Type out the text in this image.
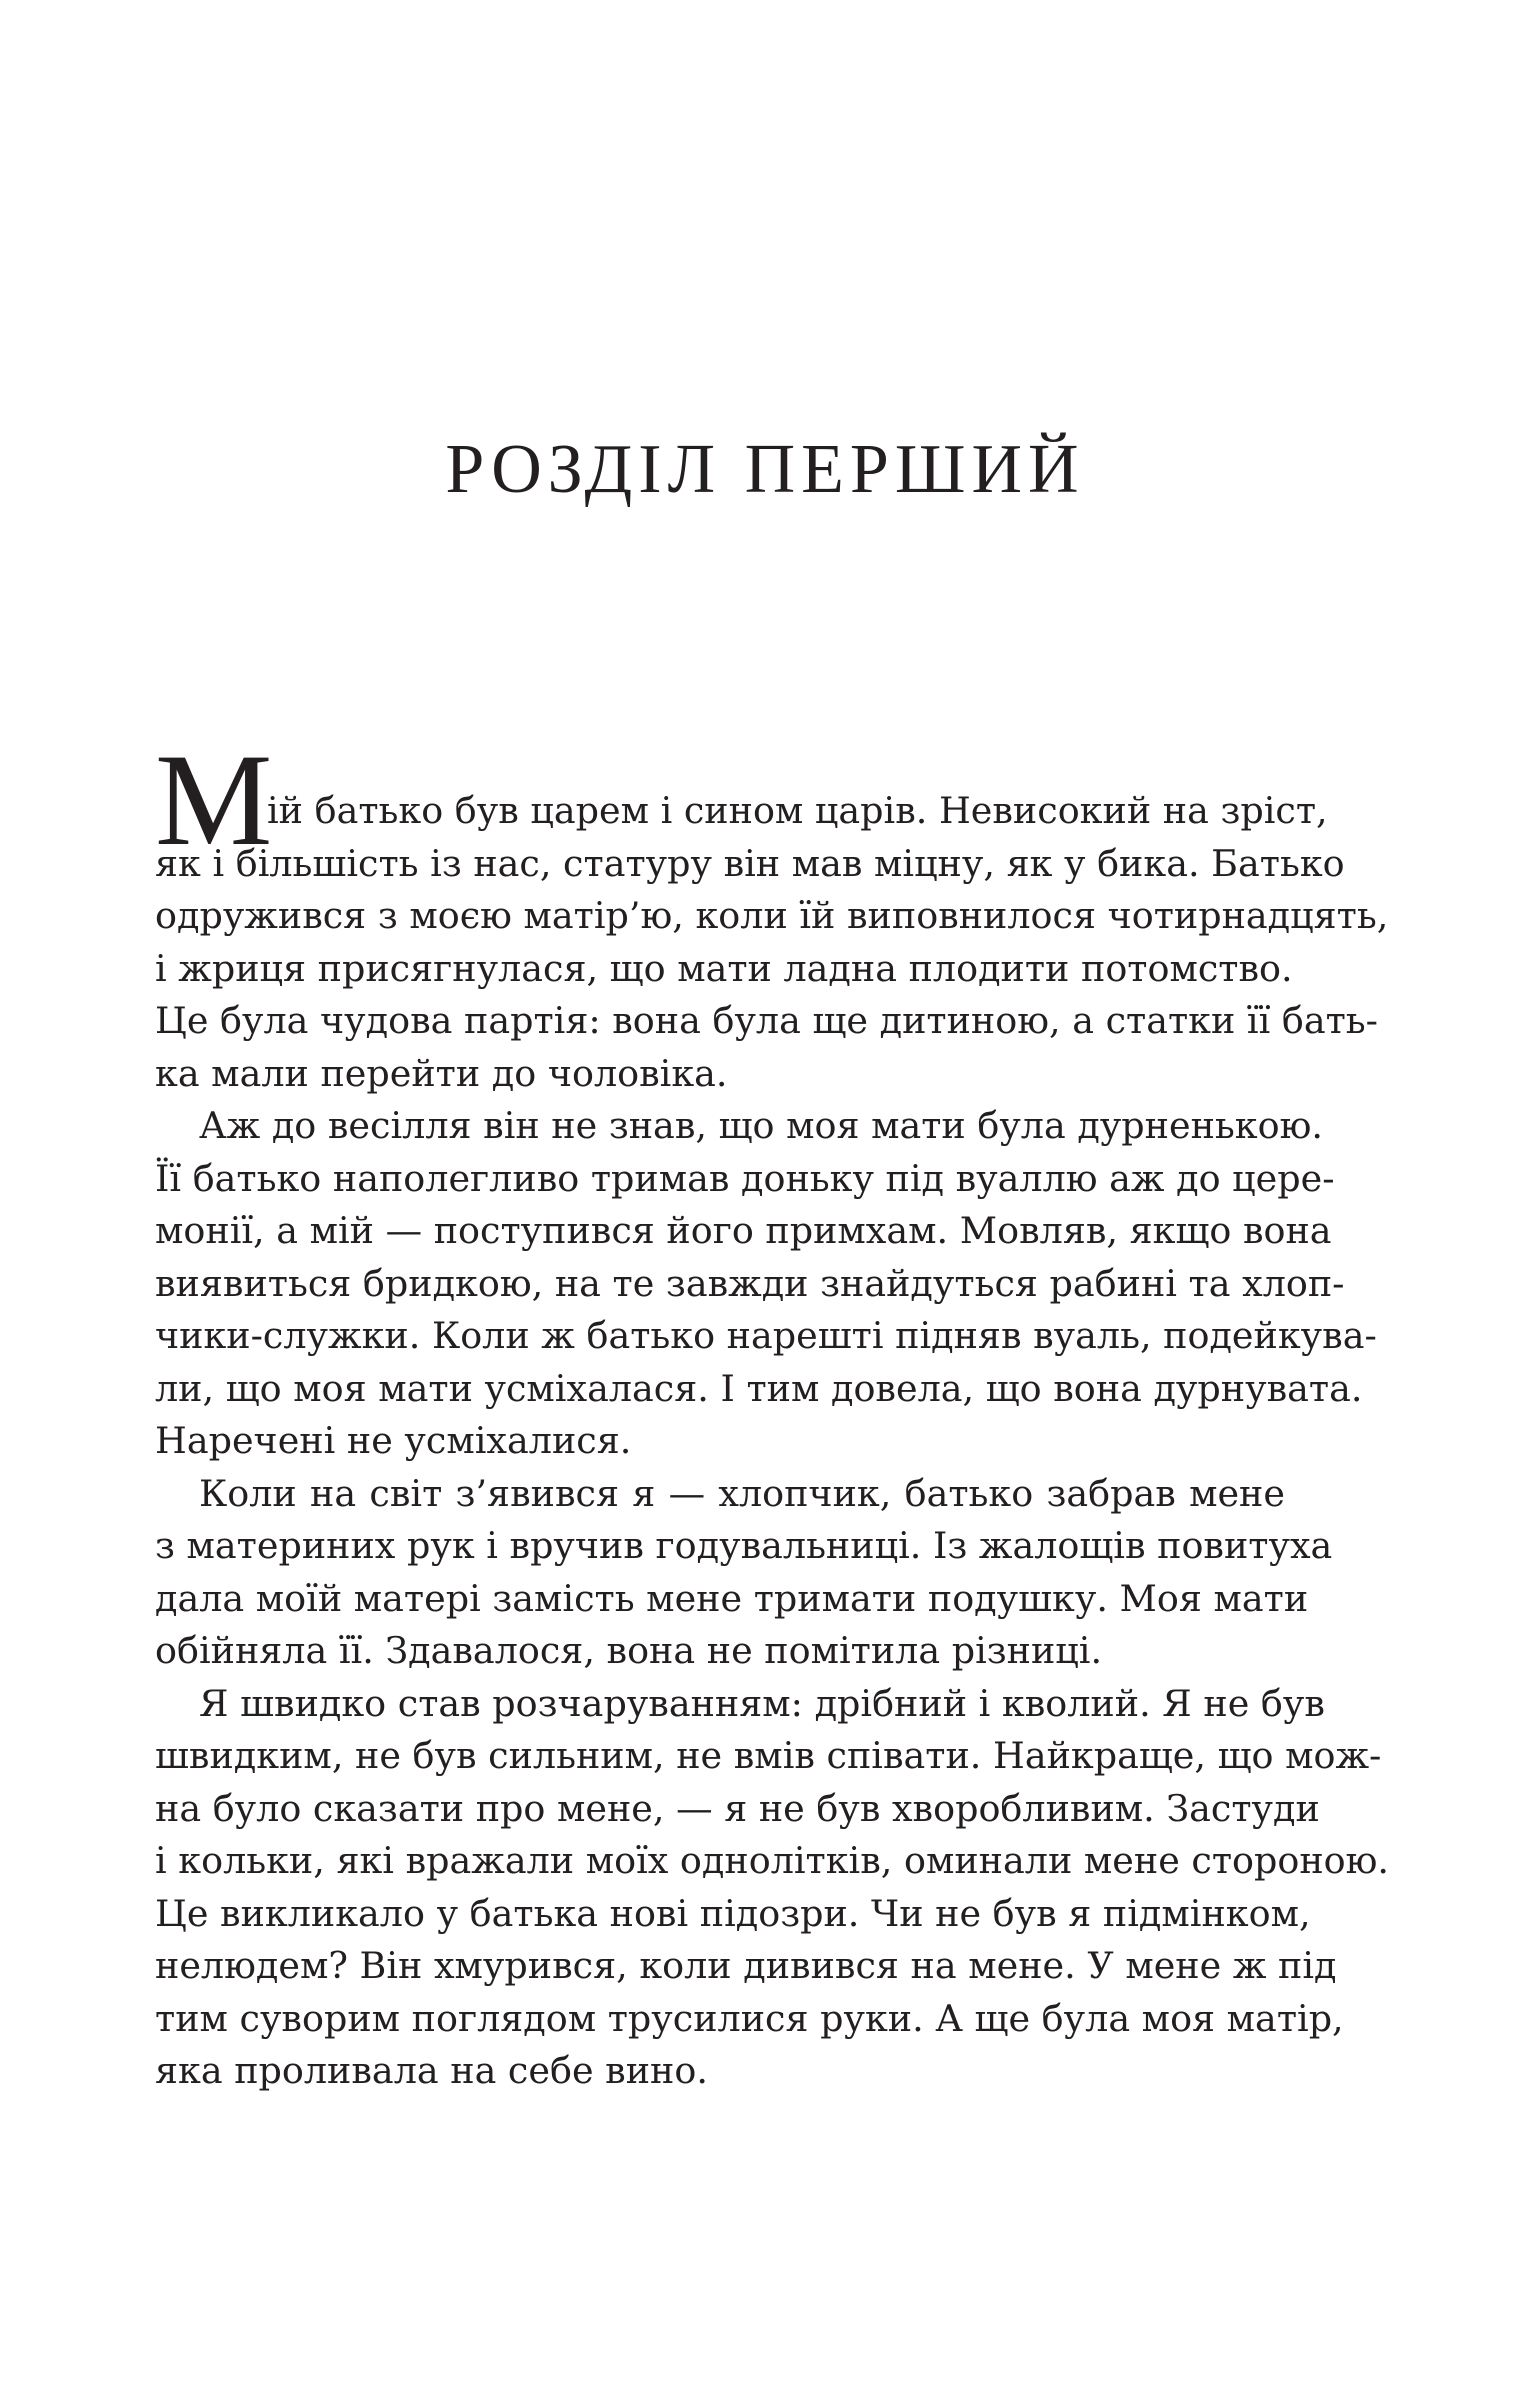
РОЗДІЛ ПЕРШИЙ

М
ій батько був царем і сином царів. Невисокий на зріст,
як і більшість із нас, статуру він мав міцну, як у бика. Батько
одружився з моєю матір’ю, коли їй виповнилося чотирнадцять,
і жриця присягнулася, що мати ладна плодити потомство.
Це була чудова партія: вона була ще дитиною, а статки її бать-
ка мали перейти до чоловіка.

Аж до весілля він не знав, що моя мати була дурненькою.
Її батько наполегливо тримав доньку під вуаллю аж до цере-
монії, а мій — поступився його примхам. Мовляв, якщо вона
виявиться бридкою, на те завжди знайдуться рабині та хлоп-
чики-служки. Коли ж батько нарешті підняв вуаль, подейкува-
ли, що моя мати усміхалася. І тим довела, що вона дурнувата.
Наречені не усміхалися.

Коли на світ з’явився я — хлопчик, батько забрав мене
з материних рук і вручив годувальниці. Із жалощів повитуха
дала моїй матері замість мене тримати подушку. Моя мати
обійняла її. Здавалося, вона не помітила різниці.

Я швидко став розчаруванням: дрібний і кволий. Я не був
швидким, не був сильним, не вмів співати. Найкраще, що мож-
на було сказати про мене, — я не був хворобливим. Застуди
і кольки, які вражали моїх однолітків, оминали мене стороною.
Це викликало у батька нові підозри. Чи не був я підмінком,
нелюдем? Він хмурився, коли дивився на мене. У мене ж під
тим суворим поглядом трусилися руки. А ще була моя матір,
яка проливала на себе вино.
